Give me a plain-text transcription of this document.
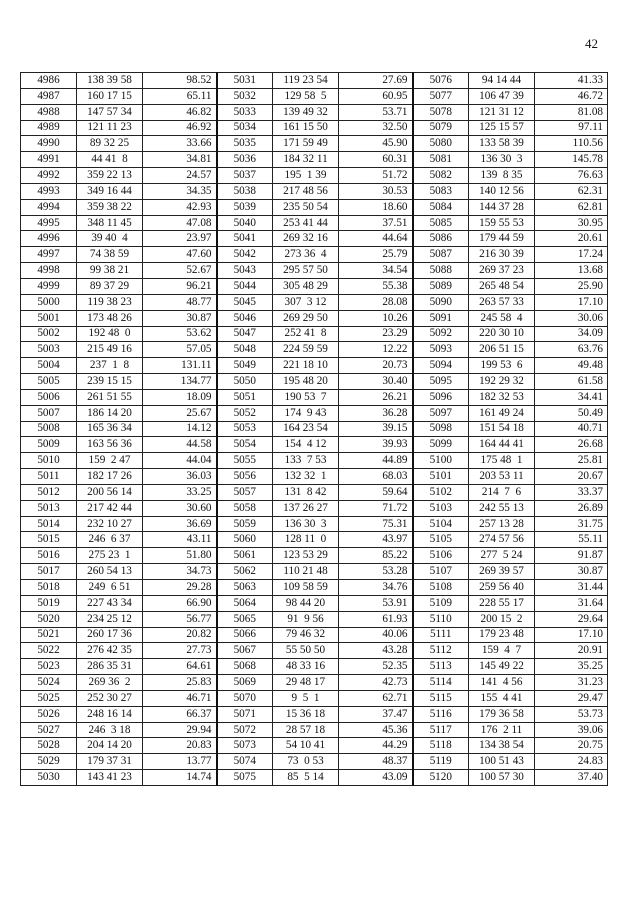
42
4986	138 39 58	98.52	5031	119 23 54	27.69	5076	94 14 44	41.33
4987	160 17 15	65.11	5032	129 58  5	60.95	5077	106 47 39	46.72
4988	147 57 34	46.82	5033	139 49 32	53.71	5078	121 31 12	81.08
4989	121 11 23	46.92	5034	161 15 50	32.50	5079	125 15 57	97.11
4990	89 32 25	33.66	5035	171 59 49	45.90	5080	133 58 39	110.56
4991	44 41  8	34.81	5036	184 32 11	60.31	5081	136 30  3	145.78
4992	359 22 13	24.57	5037	195  1 39	51.72	5082	139  8 35	76.63
4993	349 16 44	34.35	5038	217 48 56	30.53	5083	140 12 56	62.31
4994	359 38 22	42.93	5039	235 50 54	18.60	5084	144 37 28	62.81
4995	348 11 45	47.08	5040	253 41 44	37.51	5085	159 55 53	30.95
4996	39 40  4	23.97	5041	269 32 16	44.64	5086	179 44 59	20.61
4997	74 38 59	47.60	5042	273 36  4	25.79	5087	216 30 39	17.24
4998	99 38 21	52.67	5043	295 57 50	34.54	5088	269 37 23	13.68
4999	89 37 29	96.21	5044	305 48 29	55.38	5089	265 48 54	25.90
5000	119 38 23	48.77	5045	307  3 12	28.08	5090	263 57 33	17.10
5001	173 48 26	30.87	5046	269 29 50	10.26	5091	245 58  4	30.06
5002	192 48  0	53.62	5047	252 41  8	23.29	5092	220 30 10	34.09
5003	215 49 16	57.05	5048	224 59 59	12.22	5093	206 51 15	63.76
5004	237  1  8	131.11	5049	221 18 10	20.73	5094	199 53  6	49.48
5005	239 15 15	134.77	5050	195 48 20	30.40	5095	192 29 32	61.58
5006	261 51 55	18.09	5051	190 53  7	26.21	5096	182 32 53	34.41
5007	186 14 20	25.67	5052	174  9 43	36.28	5097	161 49 24	50.49
5008	165 36 34	14.12	5053	164 23 54	39.15	5098	151 54 18	40.71
5009	163 56 36	44.58	5054	154  4 12	39.93	5099	164 44 41	26.68
5010	159  2 47	44.04	5055	133  7 53	44.89	5100	175 48  1	25.81
5011	182 17 26	36.03	5056	132 32  1	68.03	5101	203 53 11	20.67
5012	200 56 14	33.25	5057	131  8 42	59.64	5102	214  7  6	33.37
5013	217 42 44	30.60	5058	137 26 27	71.72	5103	242 55 13	26.89
5014	232 10 27	36.69	5059	136 30  3	75.31	5104	257 13 28	31.75
5015	246  6 37	43.11	5060	128 11  0	43.97	5105	274 57 56	55.11
5016	275 23  1	51.80	5061	123 53 29	85.22	5106	277  5 24	91.87
5017	260 54 13	34.73	5062	110 21 48	53.28	5107	269 39 57	30.87
5018	249  6 51	29.28	5063	109 58 59	34.76	5108	259 56 40	31.44
5019	227 43 34	66.90	5064	98 44 20	53.91	5109	228 55 17	31.64
5020	234 25 12	56.77	5065	91  9 56	61.93	5110	200 15  2	29.64
5021	260 17 36	20.82	5066	79 46 32	40.06	5111	179 23 48	17.10
5022	276 42 35	27.73	5067	55 50 50	43.28	5112	159  4  7	20.91
5023	286 35 31	64.61	5068	48 33 16	52.35	5113	145 49 22	35.25
5024	269 36  2	25.83	5069	29 48 17	42.73	5114	141  4 56	31.23
5025	252 30 27	46.71	5070	9  5  1	62.71	5115	155  4 41	29.47
5026	248 16 14	66.37	5071	15 36 18	37.47	5116	179 36 58	53.73
5027	246  3 18	29.94	5072	28 57 18	45.36	5117	176  2 11	39.06
5028	204 14 20	20.83	5073	54 10 41	44.29	5118	134 38 54	20.75
5029	179 37 31	13.77	5074	73  0 53	48.37	5119	100 51 43	24.83
5030	143 41 23	14.74	5075	85  5 14	43.09	5120	100 57 30	37.40
